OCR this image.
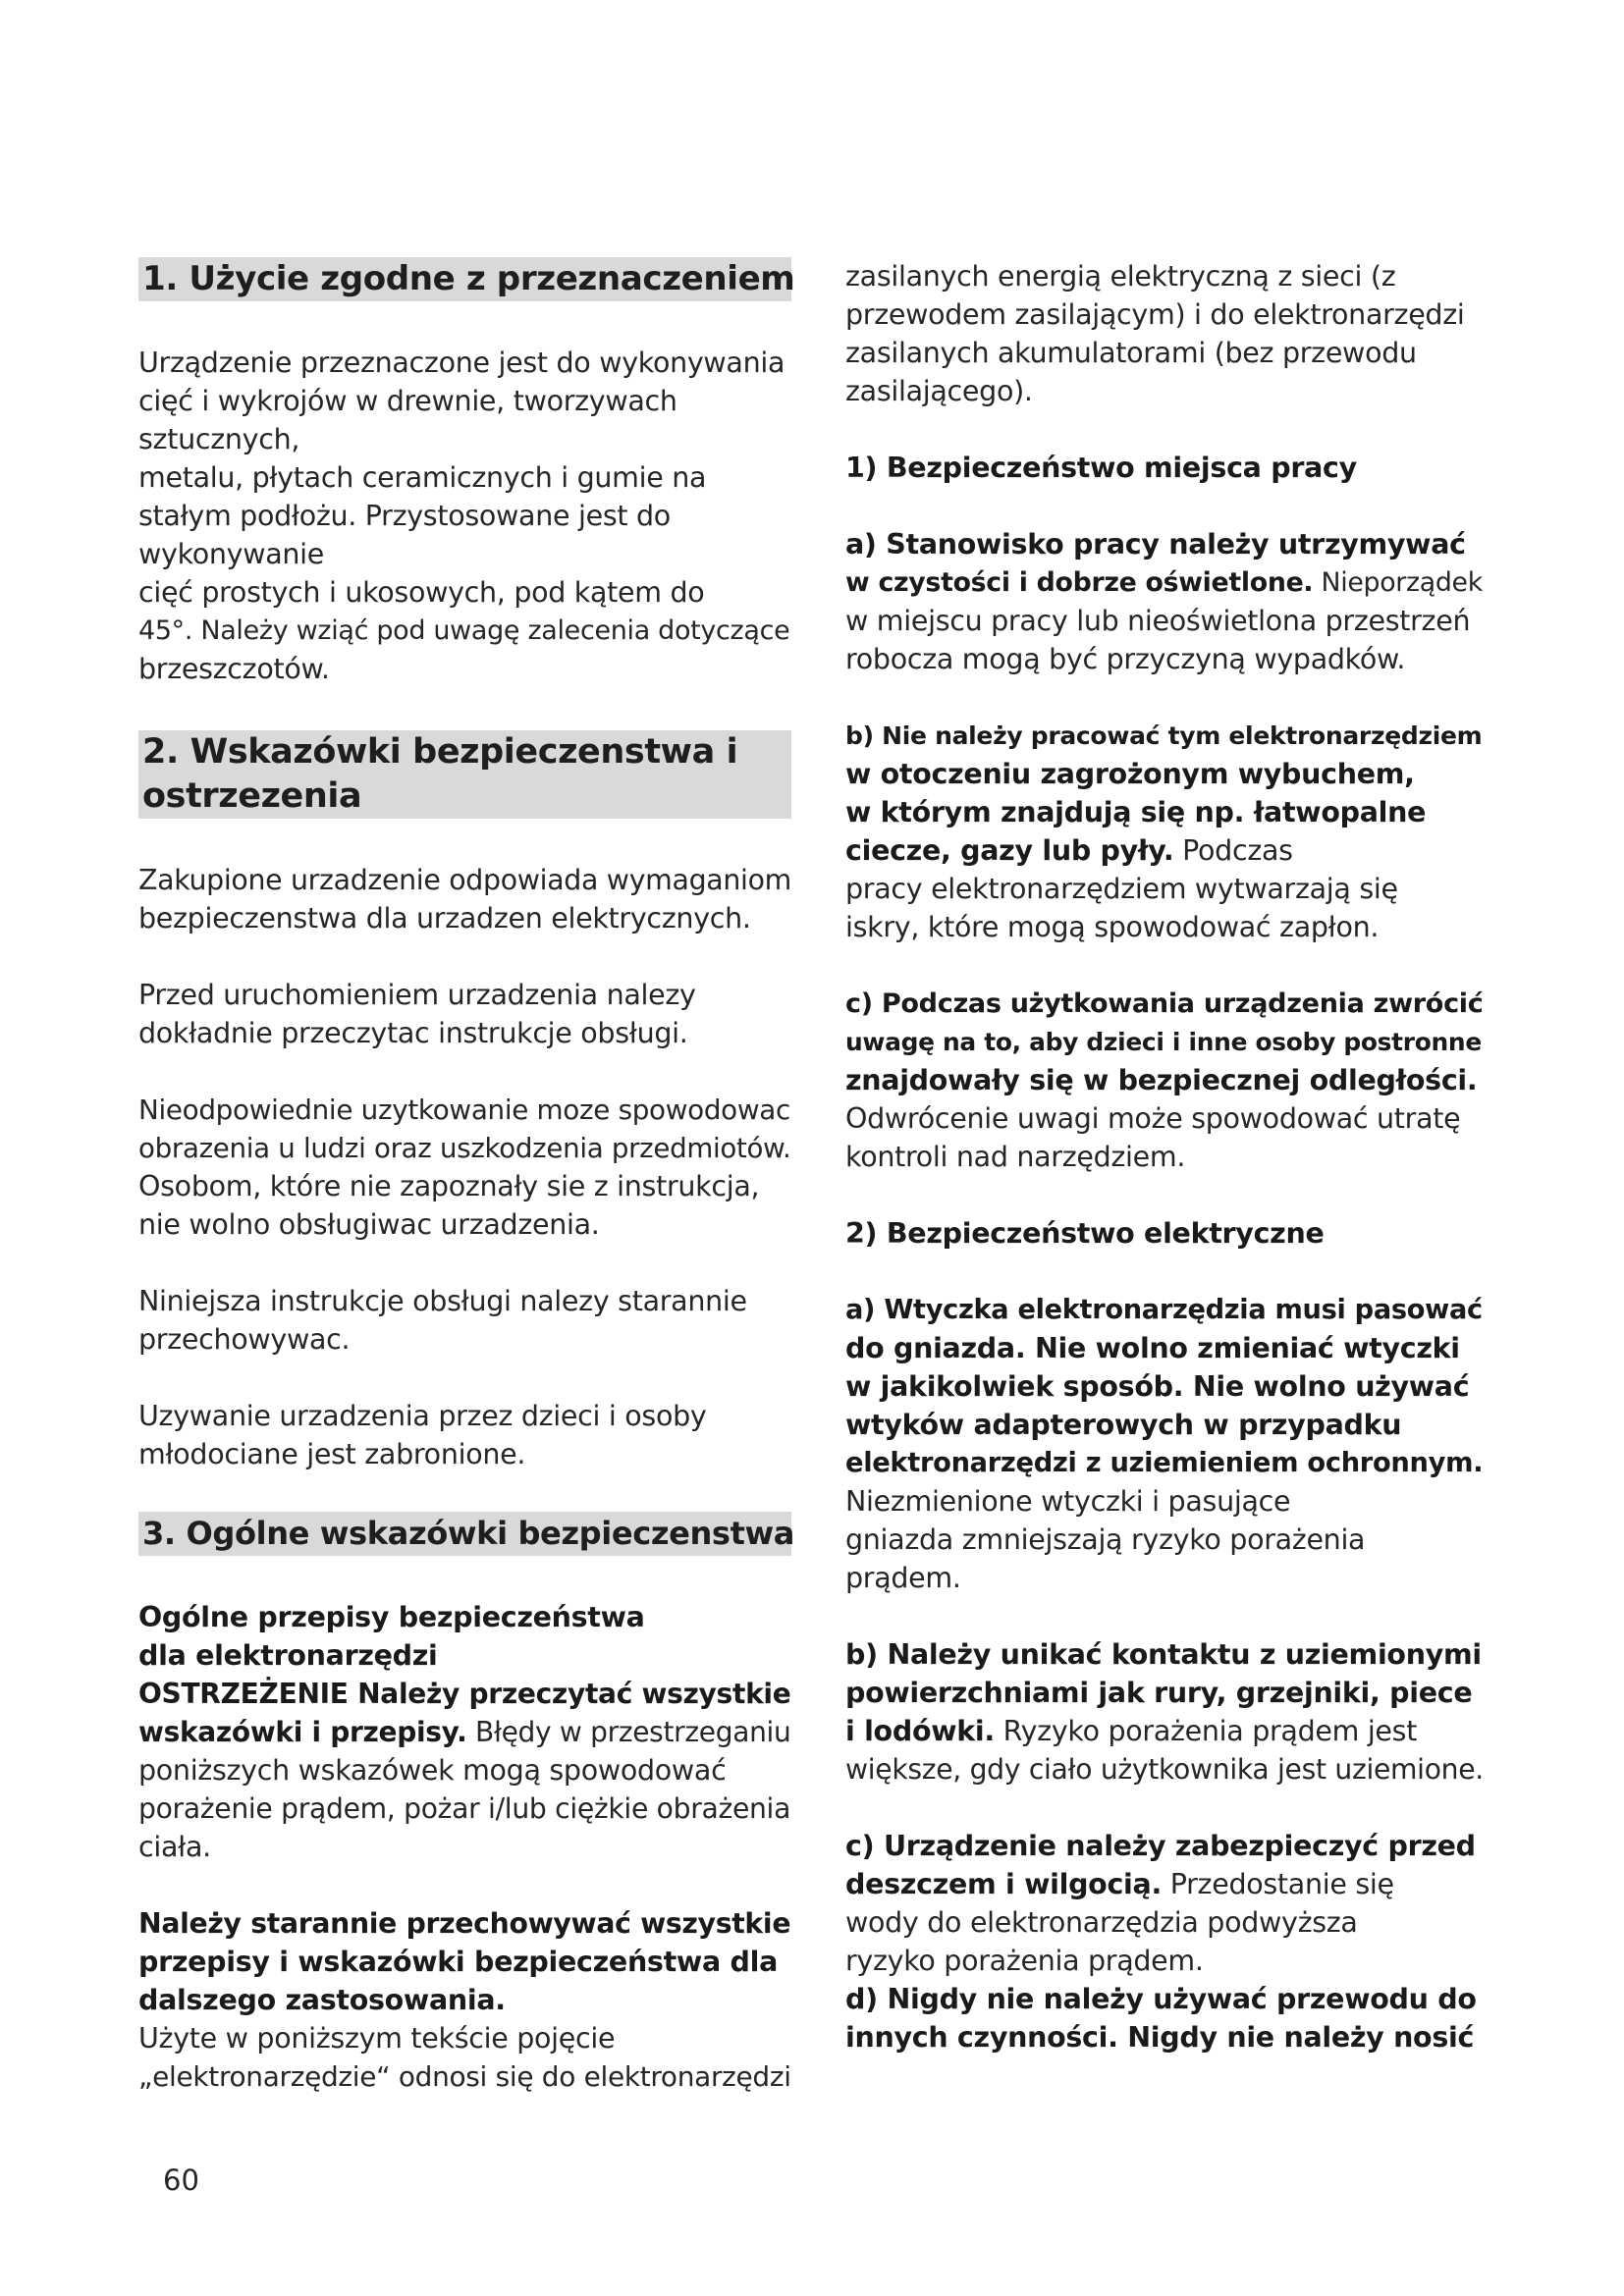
1. Użycie zgodne z przeznaczeniem
Urządzenie przeznaczone jest do wykonywania
cięć i wykrojów w drewnie, tworzywach
sztucznych,
metalu, płytach ceramicznych i gumie na
stałym podłożu. Przystosowane jest do
wykonywanie
cięć prostych i ukosowych, pod kątem do
45°. Należy wziąć pod uwagę zalecenia dotyczące
brzeszczotów.
2. Wskazówki bezpieczenstwa i
ostrzezenia
Zakupione urzadzenie odpowiada wymaganiom
bezpieczenstwa dla urzadzen elektrycznych.
Przed uruchomieniem urzadzenia nalezy
dokładnie przeczytac instrukcje obsługi.
Nieodpowiednie uzytkowanie moze spowodowac
obrazenia u ludzi oraz uszkodzenia przedmiotów.
Osobom, które nie zapoznały sie z instrukcja,
nie wolno obsługiwac urzadzenia.
Niniejsza instrukcje obsługi nalezy starannie
przechowywac.
Uzywanie urzadzenia przez dzieci i osoby
młodociane jest zabronione.
3. Ogólne wskazówki bezpieczenstwa
Ogólne przepisy bezpieczeństwa
dla elektronarzędzi
OSTRZEŻENIE Należy przeczytać wszystkie
wskazówki i przepisy. Błędy w przestrzeganiu
poniższych wskazówek mogą spowodować
porażenie prądem, pożar i/lub ciężkie obrażenia
ciała.
Należy starannie przechowywać wszystkie
przepisy i wskazówki bezpieczeństwa dla
dalszego zastosowania.
Użyte w poniższym tekście pojęcie
„elektronarzędzie“ odnosi się do elektronarzędzi
zasilanych energią elektryczną z sieci (z
przewodem zasilającym) i do elektronarzędzi
zasilanych akumulatorami (bez przewodu
zasilającego).
1) Bezpieczeństwo miejsca pracy
a) Stanowisko pracy należy utrzymywać
w czystości i dobrze oświetlone. Nieporządek
w miejscu pracy lub nieoświetlona przestrzeń
robocza mogą być przyczyną wypadków.
b) Nie należy pracować tym elektronarzędziem
w otoczeniu zagrożonym wybuchem,
w którym znajdują się np. łatwopalne
ciecze, gazy lub pyły. Podczas
pracy elektronarzędziem wytwarzają się
iskry, które mogą spowodować zapłon.
c) Podczas użytkowania urządzenia zwrócić
uwagę na to, aby dzieci i inne osoby postronne
znajdowały się w bezpiecznej odległości.
Odwrócenie uwagi może spowodować utratę
kontroli nad narzędziem.
2) Bezpieczeństwo elektryczne
a) Wtyczka elektronarzędzia musi pasować
do gniazda. Nie wolno zmieniać wtyczki
w jakikolwiek sposób. Nie wolno używać
wtyków adapterowych w przypadku
elektronarzędzi z uziemieniem ochronnym.
Niezmienione wtyczki i pasujące
gniazda zmniejszają ryzyko porażenia
prądem.
b) Należy unikać kontaktu z uziemionymi
powierzchniami jak rury, grzejniki, piece
i lodówki. Ryzyko porażenia prądem jest
większe, gdy ciało użytkownika jest uziemione.
c) Urządzenie należy zabezpieczyć przed
deszczem i wilgocią. Przedostanie się
wody do elektronarzędzia podwyższa
ryzyko porażenia prądem.
d) Nigdy nie należy używać przewodu do
innych czynności. Nigdy nie należy nosić
60
